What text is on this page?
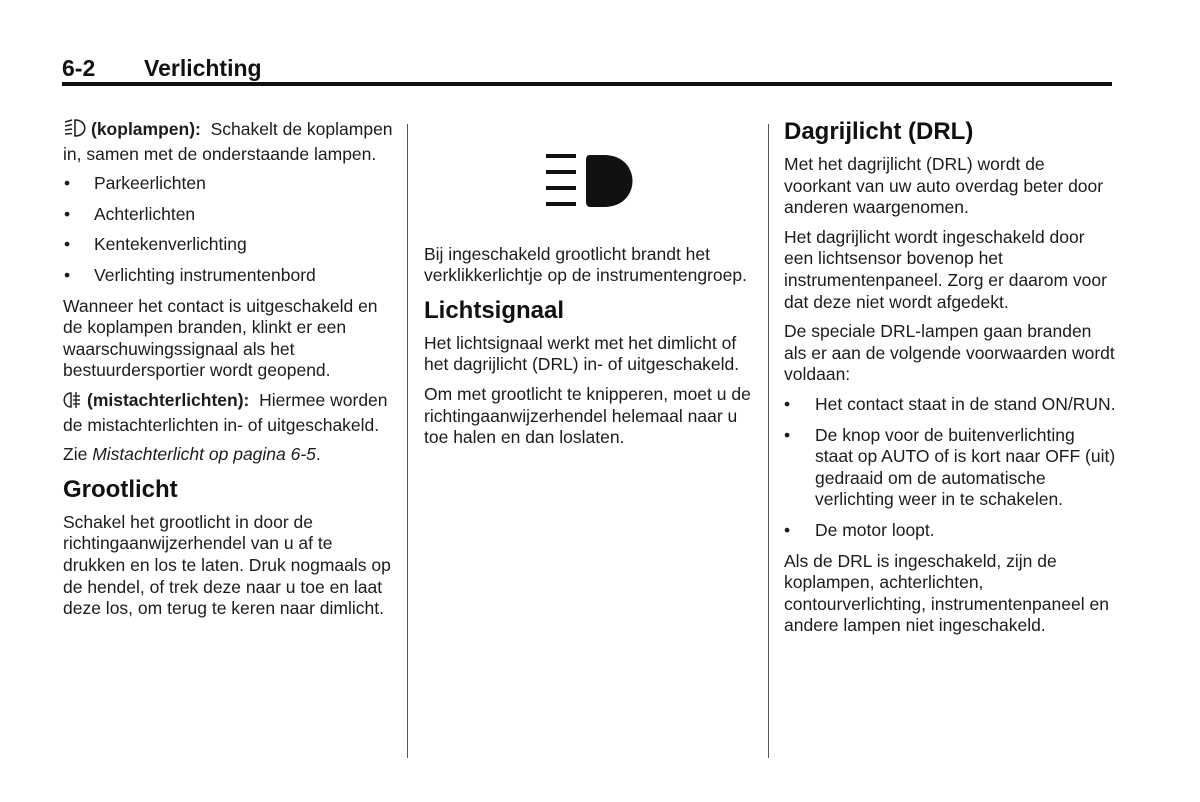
6-2 Verlichting

(koplampen): Schakelt de koplampen in, samen met de onderstaande lampen.

• Parkeerlichten
• Achterlichten
• Kentekenverlichting
• Verlichting instrumentenbord

Wanneer het contact is uitgeschakeld en de koplampen branden, klinkt er een waarschuwingssignaal als het bestuurdersportier wordt geopend.

(mistachterlichten): Hiermee worden de mistachterlichten in- of uitgeschakeld.

Zie Mistachterlicht op pagina 6-5.

Grootlicht

Schakel het grootlicht in door de richtingaanwijzerhendel van u af te drukken en los te laten. Druk nogmaals op de hendel, of trek deze naar u toe en laat deze los, om terug te keren naar dimlicht.

Bij ingeschakeld grootlicht brandt het verklikkerlichtje op de instrumentengroep.

Lichtsignaal

Het lichtsignaal werkt met het dimlicht of het dagrijlicht (DRL) in- of uitgeschakeld.

Om met grootlicht te knipperen, moet u de richtingaanwijzerhendel helemaal naar u toe halen en dan loslaten.

Dagrijlicht (DRL)

Met het dagrijlicht (DRL) wordt de voorkant van uw auto overdag beter door anderen waargenomen.

Het dagrijlicht wordt ingeschakeld door een lichtsensor bovenop het instrumentenpaneel. Zorg er daarom voor dat deze niet wordt afgedekt.

De speciale DRL-lampen gaan branden als er aan de volgende voorwaarden wordt voldaan:

• Het contact staat in de stand ON/RUN.
• De knop voor de buitenverlichting staat op AUTO of is kort naar OFF (uit) gedraaid om de automatische verlichting weer in te schakelen.
• De motor loopt.

Als de DRL is ingeschakeld, zijn de koplampen, achterlichten, contourverlichting, instrumentenpaneel en andere lampen niet ingeschakeld.
